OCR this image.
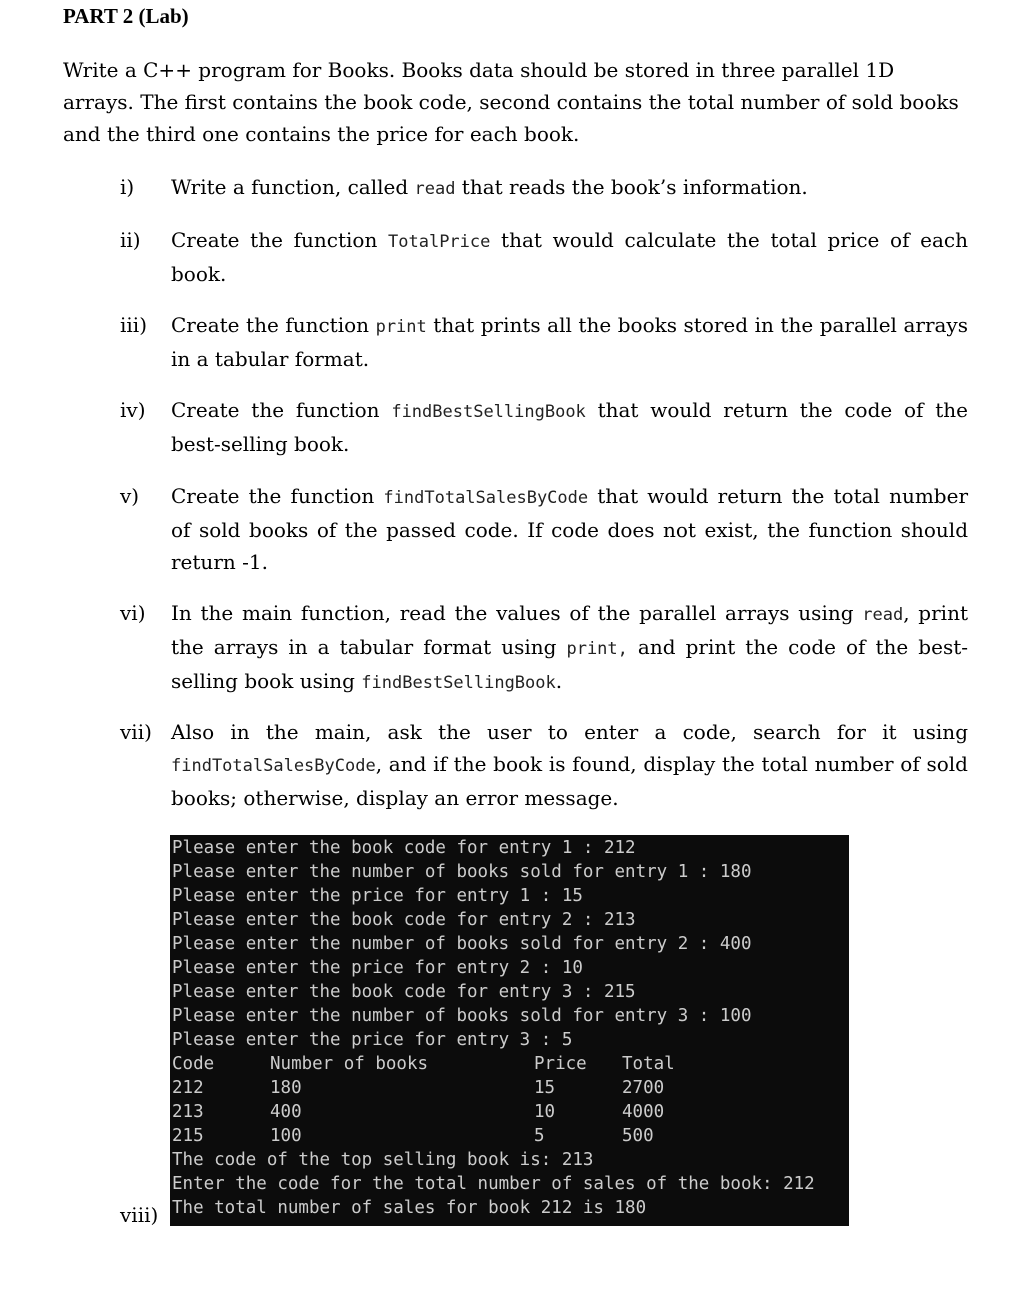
PART 2 (Lab)

Write a C++ program for Books. Books data should be stored in three parallel 1D arrays. The first contains the book code, second contains the total number of sold books and the third one contains the price for each book.

i) Write a function, called read that reads the book’s information.
ii) Create the function TotalPrice that would calculate the total price of each book.
iii) Create the function print that prints all the books stored in the parallel arrays in a tabular format.
iv) Create the function findBestSellingBook that would return the code of the best-selling book.
v) Create the function findTotalSalesByCode that would return the total number of sold books of the passed code. If code does not exist, the function should return -1.
vi) In the main function, read the values of the parallel arrays using read, print the arrays in a tabular format using print, and print the code of the best-selling book using findBestSellingBook.
vii) Also in the main, ask the user to enter a code, search for it using findTotalSalesByCode, and if the book is found, display the total number of sold books; otherwise, display an error message.
Please enter the book code for entry 1 : 212
Please enter the number of books sold for entry 1 : 180
Please enter the price for entry 1 : 15
Please enter the book code for entry 2 : 213
Please enter the number of books sold for entry 2 : 400
Please enter the price for entry 2 : 10
Please enter the book code for entry 3 : 215
Please enter the number of books sold for entry 3 : 100
Please enter the price for entry 3 : 5
Code	Number of books	Price	Total
212	180	15	2700
213	400	10	4000
215	100	5	500
The code of the top selling book is: 213
Enter the code for the total number of sales of the book: 212
The total number of sales for book 212 is 180
viii)
